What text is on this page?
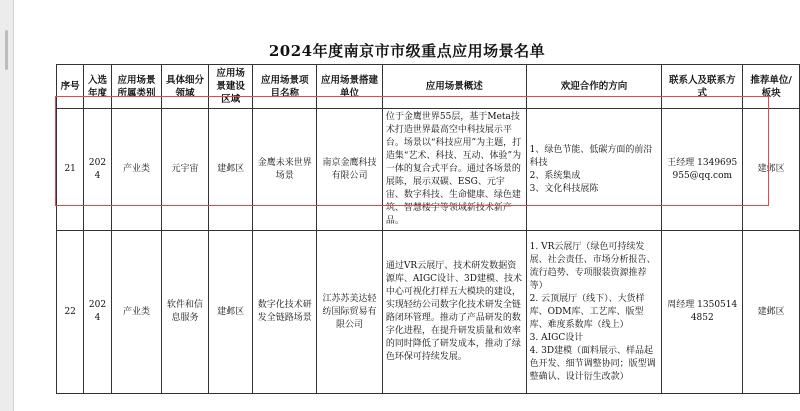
2024年度南京市市级重点应用场景名单
序号	入选年度	应用场景所属类别	具体细分领域	应用场景建设区域	应用场景项目名称	应用场景搭建单位	应用场景概述	欢迎合作的方向	联系人及联系方式	推荐单位/板块
21	2024	产业类	元宇宙	建邺区	金鹰未来世界场景	南京金鹰科技有限公司	位于金鹰世界55层，基于Meta技术打造世界最高空中科技展示平台。场景以“科技应用”为主题，打造集“艺术、科技、互动、体验”为一体的复合式平台。通过各场景的展陈，展示双碳、ESG、元宇宙、数字科技、生命健康、绿色建筑、智慧楼宇等领域新技术新产品。	1、绿色节能、低碳方面的前沿科技
2、系统集成
3、文化科技展陈	王经理 13496959​55@qq.com	建邺区
22	2024	产业类	软件和信息服务	建邺区	数字化技术研发全链路场景	江苏苏美达轻纺国际贸易有限公司	通过VR云展厅、技术研发数据资源库、AIGC设计、3D建模、技术中心可视化打样五大模块的建设，实现轻纺公司数字化技术研发全链路闭环管理。推动了产品研发的数字化进程，在提升研发质量和效率的同时降低了研发成本，推动了绿色环保可持续发展。	1. VR云展厅（绿色可持续发展、社会责任、市场分析报告、流行趋势、专项服装资源推荐等）
2. 云顶展厅（线下）、大货样库、ODM库、工艺库、版型库、难度系数库（线上）
3. AIGC设计
4. 3D建模（面料展示、样品起色开发、细节调整协同；版型调整确认、设计衍生改款）	周经理 13505144852	建邺区
